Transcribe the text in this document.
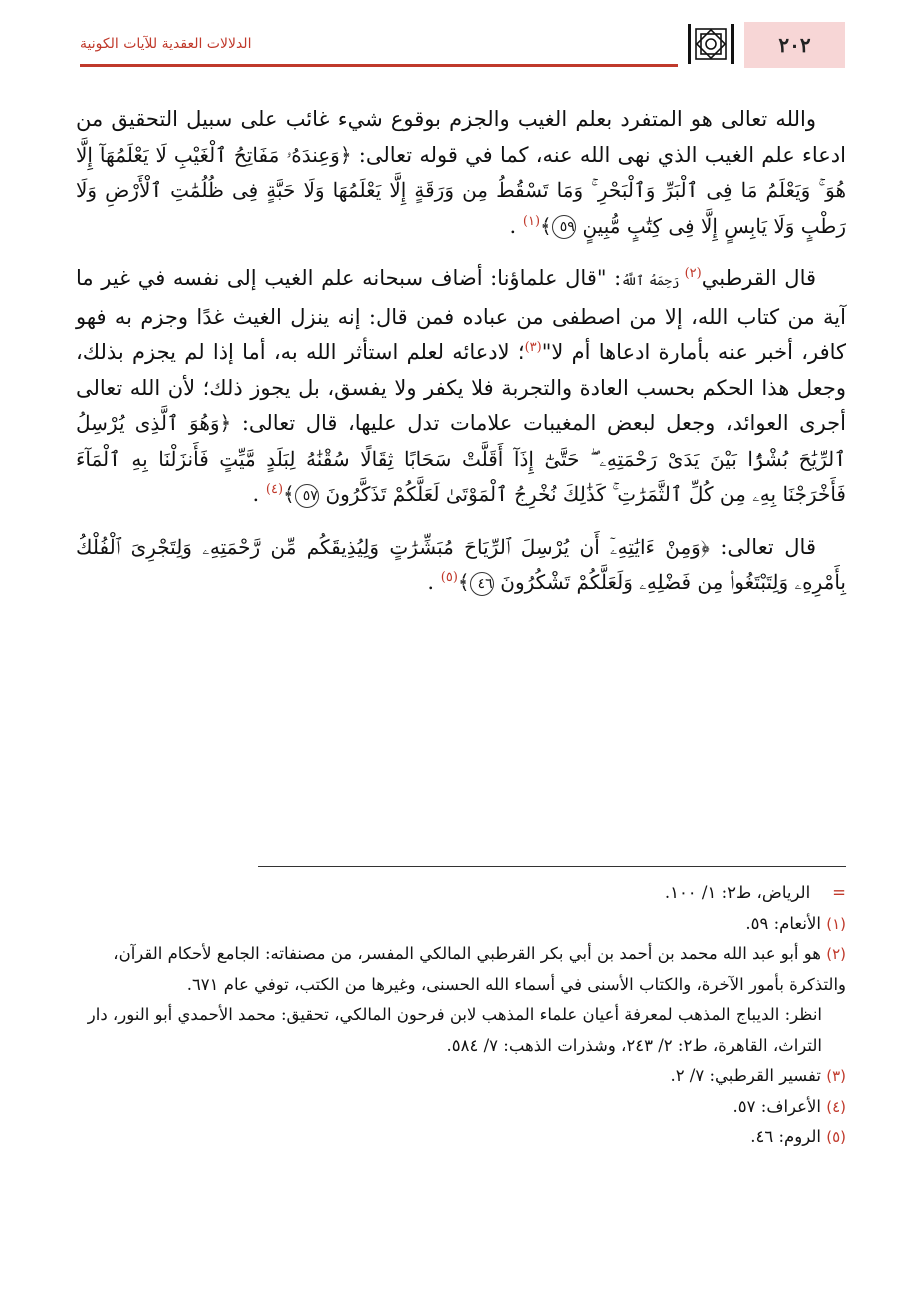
الدلالات العقدية للآيات الكونية	٢٠٢

والله تعالى هو المتفرد بعلم الغيب والجزم بوقوع شيء غائب على سبيل التحقيق من ادعاء علم الغيب الذي نهى الله عنه، كما في قوله تعالى: ﴿وَعِندَهُۥ مَفَاتِحُ ٱلْغَيْبِ لَا يَعْلَمُهَآ إِلَّا هُوَ ۚ وَيَعْلَمُ مَا فِى ٱلْبَرِّ وَٱلْبَحْرِ ۚ وَمَا تَسْقُطُ مِن وَرَقَةٍ إِلَّا يَعْلَمُهَا وَلَا حَبَّةٍ فِى ظُلُمَٰتِ ٱلْأَرْضِ وَلَا رَطْبٍ وَلَا يَابِسٍ إِلَّا فِى كِتَٰبٍ مُّبِينٍ ٥٩﴾$^{(١)}$ .

قال القرطبي$^{(٢)}$ رَحِمَهُ ٱللَّهُ: "قال علماؤنا: أضاف سبحانه علم الغيب إلى نفسه في غير ما آية من كتاب الله، إلا من اصطفى من عباده فمن قال: إنه ينزل الغيث غدًا وجزم به فهو كافر، أخبر عنه بأمارة ادعاها أم لا"$^{(٣)}$؛ لادعائه لعلم استأثر الله به، أما إذا لم يجزم بذلك، وجعل هذا الحكم بحسب العادة والتجربة فلا يكفر ولا يفسق، بل يجوز ذلك؛ لأن الله تعالى أجرى العوائد، وجعل لبعض المغيبات علامات تدل عليها، قال تعالى: ﴿وَهُوَ ٱلَّذِى يُرْسِلُ ٱلرِّيَٰحَ بُشْرًۢا بَيْنَ يَدَىْ رَحْمَتِهِۦ ۖ حَتَّىٰٓ إِذَآ أَقَلَّتْ سَحَابًا ثِقَالًا سُقْنَٰهُ لِبَلَدٍ مَّيِّتٍ فَأَنزَلْنَا بِهِ ٱلْمَآءَ فَأَخْرَجْنَا بِهِۦ مِن كُلِّ ٱلثَّمَرَٰتِ ۚ كَذَٰلِكَ نُخْرِجُ ٱلْمَوْتَىٰ لَعَلَّكُمْ تَذَكَّرُونَ ٥٧﴾$^{(٤)}$ .

قال تعالى: ﴿وَمِنْ ءَايَٰتِهِۦٓ أَن يُرْسِلَ ٱلرِّيَاحَ مُبَشِّرَٰتٍ وَلِيُذِيقَكُم مِّن رَّحْمَتِهِۦ وَلِتَجْرِىَ ٱلْفُلْكُ بِأَمْرِهِۦ وَلِتَبْتَغُوا۟ مِن فَضْلِهِۦ وَلَعَلَّكُمْ تَشْكُرُونَ ٤٦﴾$^{(٥)}$ .

=الرياض، ط٢: ١/ ١٠٠.
(١) الأنعام: ٥٩.
(٢) هو أبو عبد الله محمد بن أحمد بن أبي بكر القرطبي المالكي المفسر، من مصنفاته: الجامع لأحكام القرآن، والتذكرة بأمور الآخرة، والكتاب الأسنى في أسماء الله الحسنى، وغيرها من الكتب، توفي عام ٦٧١.
انظر: الديباج المذهب لمعرفة أعيان علماء المذهب لابن فرحون المالكي، تحقيق: محمد الأحمدي أبو النور، دار التراث، القاهرة، ط٢: ٢/ ٢٤٣، وشذرات الذهب: ٧/ ٥٨٤.
(٣) تفسير القرطبي: ٧/ ٢.
(٤) الأعراف: ٥٧.
(٥) الروم: ٤٦.
